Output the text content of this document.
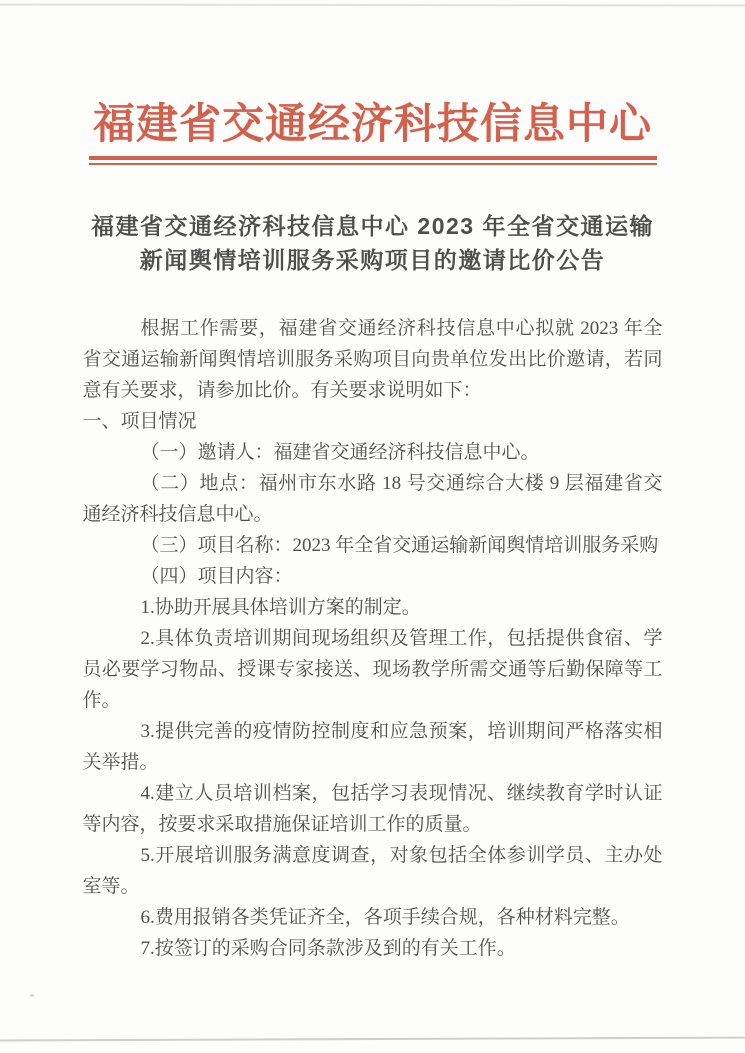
福建省交通经济科技信息中心
福建省交通经济科技信息中心 2023 年全省交通运输
新闻舆情培训服务采购项目的邀请比价公告

根据工作需要，福建省交通经济科技信息中心拟就 2023 年全省交通运输新闻舆情培训服务采购项目向贵单位发出比价邀请，若同意有关要求，请参加比价。有关要求说明如下：

一、项目情况

（一）邀请人：福建省交通经济科技信息中心。

（二）地点：福州市东水路 18 号交通综合大楼 9 层福建省交通经济科技信息中心。

（三）项目名称：2023 年全省交通运输新闻舆情培训服务采购

（四）项目内容：

1.协助开展具体培训方案的制定。

2.具体负责培训期间现场组织及管理工作，包括提供食宿、学员必要学习物品、授课专家接送、现场教学所需交通等后勤保障等工作。

3.提供完善的疫情防控制度和应急预案，培训期间严格落实相关举措。

4.建立人员培训档案，包括学习表现情况、继续教育学时认证等内容，按要求采取措施保证培训工作的质量。

5.开展培训服务满意度调查，对象包括全体参训学员、主办处室等。

6.费用报销各类凭证齐全，各项手续合规，各种材料完整。

7.按签订的采购合同条款涉及到的有关工作。
